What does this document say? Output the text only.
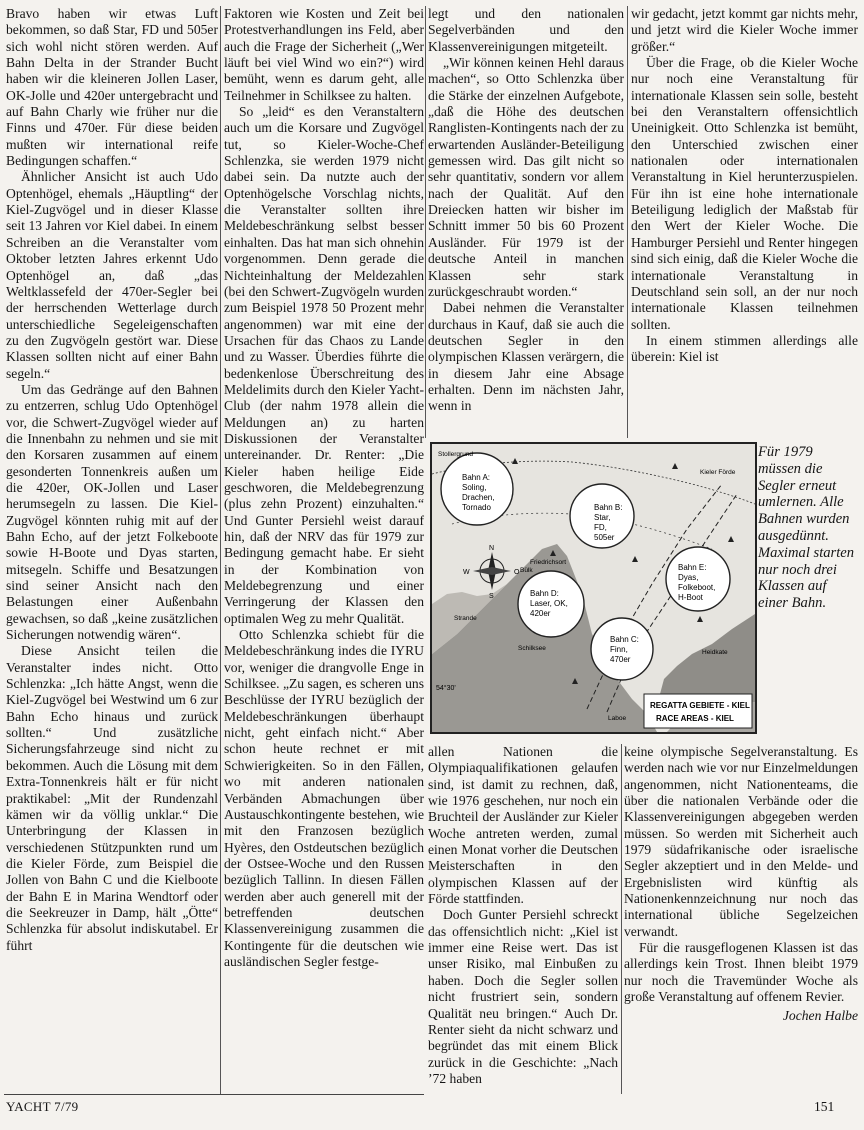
Bravo haben wir etwas Luft bekommen, so daß Star, FD und 505er sich wohl nicht stören werden. Auf Bahn Delta in der Strander Bucht haben wir die kleineren Jollen Laser, OK-Jolle und 420er untergebracht und auf Bahn Charly wie früher nur die Finns und 470er. Für diese beiden mußten wir international reife Bedingungen schaffen.“

Ähnlicher Ansicht ist auch Udo Optenhögel, ehemals „Häuptling“ der Kiel-Zugvögel und in dieser Klasse seit 13 Jahren vor Kiel dabei. In einem Schreiben an die Veranstalter vom Oktober letzten Jahres erkennt Udo Optenhögel an, daß „das Weltklassefeld der 470er-Segler bei der herrschenden Wetterlage durch unterschiedliche Segeleigenschaften zu den Zugvögeln gestört war. Diese Klassen sollten nicht auf einer Bahn segeln.“

Um das Gedränge auf den Bahnen zu entzerren, schlug Udo Optenhögel vor, die Schwert-Zugvögel wieder auf die Innenbahn zu nehmen und sie mit den Korsaren zusammen auf einem gesonderten Tonnenkreis außen um die 420er, OK-Jollen und Laser herumsegeln zu lassen. Die Kiel-Zugvögel könnten ruhig mit auf der Bahn Echo, auf der jetzt Folkeboote sowie H-Boote und Dyas starten, mitsegeln. Schiffe und Besatzungen sind seiner Ansicht nach den Belastungen einer Außenbahn gewachsen, so daß „keine zusätzlichen Sicherungen notwendig wären“.

Diese Ansicht teilen die Veranstalter indes nicht. Otto Schlenzka: „Ich hätte Angst, wenn die Kiel-Zugvögel bei Westwind um 6 zur Bahn Echo hinaus und zurück sollten.“ Und zusätzliche Sicherungsfahrzeuge sind nicht zu bekommen. Auch die Lösung mit dem Extra-Tonnenkreis hält er für nicht praktikabel: „Mit der Rundenzahl kämen wir da völlig unklar.“ Die Unterbringung der Klassen in verschiedenen Stützpunkten rund um die Kieler Förde, zum Beispiel die Jollen von Bahn C und die Kielboote der Bahn E in Marina Wendtorf oder die Seekreuzer in Damp, hält „Ötte“ Schlenzka für absolut indiskutabel. Er führt

Faktoren wie Kosten und Zeit bei Protestverhandlungen ins Feld, aber auch die Frage der Sicherheit („Wer läuft bei viel Wind wo ein?“) wird bemüht, wenn es darum geht, alle Teilnehmer in Schilksee zu halten.

So „leid“ es den Veranstaltern auch um die Korsare und Zugvögel tut, so Kieler-Woche-Chef Schlenzka, sie werden 1979 nicht dabei sein. Da nutzte auch der Optenhögelsche Vorschlag nichts, die Veranstalter sollten ihre Meldebeschränkung selbst besser einhalten. Das hat man sich ohnehin vorgenommen. Denn gerade die Nichteinhaltung der Meldezahlen (bei den Schwert-Zugvögeln wurden zum Beispiel 1978 50 Prozent mehr angenommen) war mit eine der Ursachen für das Chaos zu Lande und zu Wasser. Überdies führte die bedenkenlose Überschreitung des Meldelimits durch den Kieler Yacht-Club (der nahm 1978 allein die Meldungen an) zu harten Diskussionen der Veranstalter untereinander. Dr. Renter: „Die Kieler haben heilige Eide geschworen, die Meldebegrenzung (plus zehn Prozent) einzuhalten.“ Und Gunter Persiehl weist darauf hin, daß der NRV das für 1979 zur Bedingung gemacht habe. Er sieht in der Kombination von Meldebegrenzung und einer Verringerung der Klassen den optimalen Weg zu mehr Qualität.

Otto Schlenzka schiebt für die Meldebeschränkung indes die IYRU vor, weniger die drangvolle Enge in Schilksee. „Zu sagen, es scheren uns Beschlüsse der IYRU bezüglich der Meldebeschränkungen überhaupt nicht, geht einfach nicht.“ Aber schon heute rechnet er mit Schwierigkeiten. So in den Fällen, wo mit anderen nationalen Verbänden Abmachungen über Austauschkontingente bestehen, wie mit den Franzosen bezüglich Hyères, den Ostdeutschen bezüglich der Ostsee-Woche und den Russen bezüglich Tallinn. In diesen Fällen werden aber auch generell mit der betreffenden deutschen Klassenvereinigung zusammen die Kontingente für die deutschen wie ausländischen Segler festge-

legt und den nationalen Segelverbänden und den Klassenvereinigungen mitgeteilt.

„Wir können keinen Hehl daraus machen“, so Otto Schlenzka über die Stärke der einzelnen Aufgebote, „daß die Höhe des deutschen Ranglisten-Kontingents nach der zu erwartenden Ausländer-Beteiligung gemessen wird. Das gilt nicht so sehr quantitativ, sondern vor allem nach der Qualität. Auf den Dreiecken hatten wir bisher im Schnitt immer 50 bis 60 Prozent Ausländer. Für 1979 ist der deutsche Anteil in manchen Klassen sehr stark zurückgeschraubt worden.“

Dabei nehmen die Veranstalter durchaus in Kauf, daß sie auch die deutschen Segler in den olympischen Klassen verärgern, die in diesem Jahr eine Absage erhalten. Denn im nächsten Jahr, wenn in

wir gedacht, jetzt kommt gar nichts mehr, und jetzt wird die Kieler Woche immer größer.“

Über die Frage, ob die Kieler Woche nur noch eine Veranstaltung für internationale Klassen sein solle, besteht bei den Veranstaltern offensichtlich Uneinigkeit. Otto Schlenzka ist bemüht, den Unterschied zwischen einer nationalen oder internationalen Veranstaltung in Kiel herunterzuspielen. Für ihn ist eine hohe internationale Beteiligung lediglich der Maßstab für den Wert der Kieler Woche. Die Hamburger Persiehl und Renter hingegen sind sich einig, daß die Kieler Woche die internationale Veranstaltung in Deutschland sein soll, an der nur noch internationale Klassen teilnehmen sollten.

In einem stimmen allerdings alle überein: Kiel ist

Bahn A:
Soling,
Drachen,
Tornado	Bahn B:
Star,
FD,
505er
Bahn E:
Dyas,
Folkeboot,
H-Boot
Bahn D:
Laser, OK,
420er
Bahn C:
Finn,
470er
N
W	O
S
Stollergrund
Kieler Förde
Bülk
Friedrichsort
Schilksee
Strande
Laboe
Heidkate
54°30'
REGATTA GEBIETE - KIEL
RACE AREAS - KIEL
Für 1979 müssen die Segler erneut umlernen. Alle Bahnen wurden ausgedünnt. Maximal starten nur noch drei Klassen auf einer Bahn.

allen Nationen die Olympiaqualifikationen gelaufen sind, ist damit zu rechnen, daß, wie 1976 geschehen, nur noch ein Bruchteil der Ausländer zur Kieler Woche antreten werden, zumal einen Monat vorher die Deutschen Meisterschaften in den olympischen Klassen auf der Förde stattfinden.

Doch Gunter Persiehl schreckt das offensichtlich nicht: „Kiel ist immer eine Reise wert. Das ist unser Risiko, mal Einbußen zu haben. Doch die Segler sollen nicht frustriert sein, sondern Qualität neu bringen.“ Auch Dr. Renter sieht da nicht schwarz und begründet das mit einem Blick zurück in die Geschichte: „Nach ’72 haben

keine olympische Segelveranstaltung. Es werden nach wie vor nur Einzelmeldungen angenommen, nicht Nationenteams, die über die nationalen Verbände oder die Klassenvereinigungen abgegeben werden müssen. So werden mit Sicherheit auch 1979 südafrikanische oder israelische Segler akzeptiert und in den Melde- und Ergebnislisten wird künftig als Nationenkennzeichnung nur noch das international übliche Segelzeichen verwandt.

Für die rausgeflogenen Klassen ist das allerdings kein Trost. Ihnen bleibt 1979 nur noch die Travemünder Woche als große Veranstaltung auf offenem Revier.

Jochen Halbe
YACHT 7/79	151
